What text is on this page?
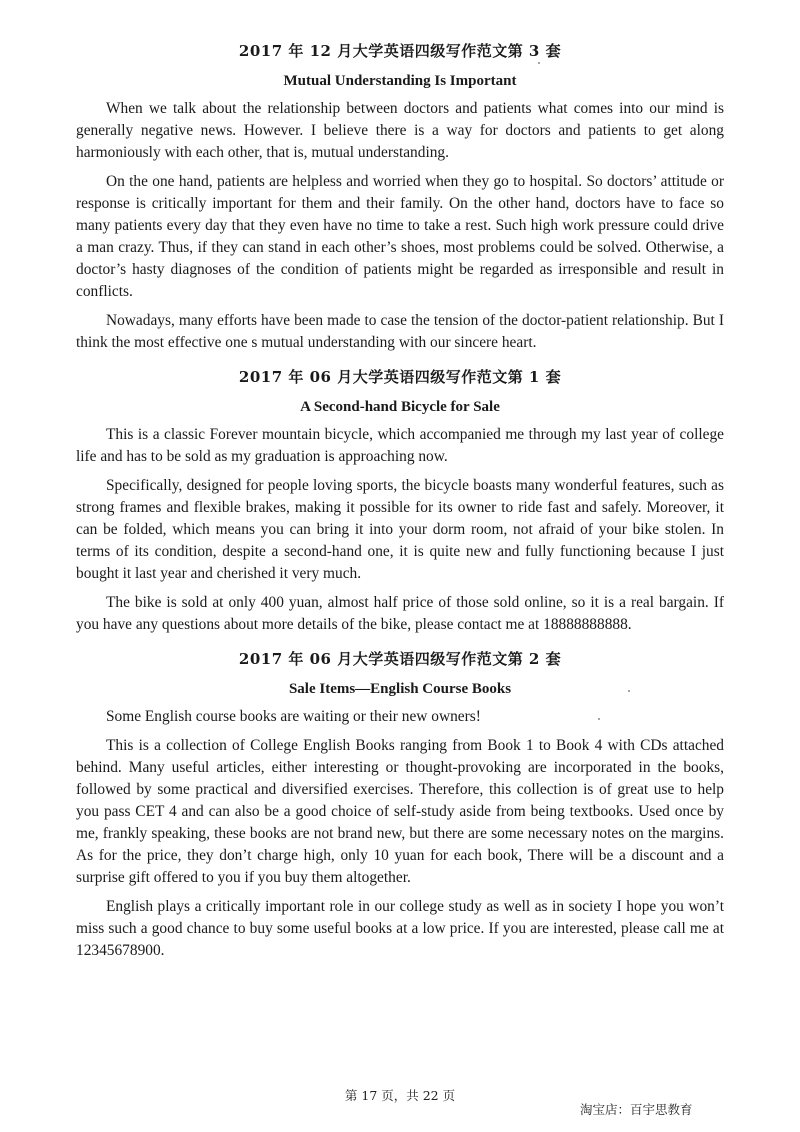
2017 年 12 月大学英语四级写作范文第 3 套
Mutual Understanding Is Important

When we talk about the relationship between doctors and patients what comes into our mind is generally negative news. However. I believe there is a way for doctors and patients to get along harmoniously with each other, that is, mutual understanding.

On the one hand, patients are helpless and worried when they go to hospital. So doctors’ attitude or response is critically important for them and their family. On the other hand, doctors have to face so many patients every day that they even have no time to take a rest. Such high work pressure could drive a man crazy. Thus, if they can stand in each other’s shoes, most problems could be solved. Otherwise, a doctor’s hasty diagnoses of the condition of patients might be regarded as irresponsible and result in conflicts.

Nowadays, many efforts have been made to case the tension of the doctor-patient relationship. But I think the most effective one s mutual understanding with our sincere heart.

2017 年 06 月大学英语四级写作范文第 1 套
A Second-hand Bicycle for Sale

This is a classic Forever mountain bicycle, which accompanied me through my last year of college life and has to be sold as my graduation is approaching now.

Specifically, designed for people loving sports, the bicycle boasts many wonderful features, such as strong frames and flexible brakes, making it possible for its owner to ride fast and safely. Moreover, it can be folded, which means you can bring it into your dorm room, not afraid of your bike stolen. In terms of its condition, despite a second-hand one, it is quite new and fully functioning because I just bought it last year and cherished it very much.

The bike is sold at only 400 yuan, almost half price of those sold online, so it is a real bargain. If you have any questions about more details of the bike, please contact me at 18888888888.

2017 年 06 月大学英语四级写作范文第 2 套
Sale Items—English Course Books

Some English course books are waiting or their new owners!

This is a collection of College English Books ranging from Book 1 to Book 4 with CDs attached behind. Many useful articles, either interesting or thought-provoking are incorporated in the books, followed by some practical and diversified exercises. Therefore, this collection is of great use to help you pass CET 4 and can also be a good choice of self-study aside from being textbooks. Used once by me, frankly speaking, these books are not brand new, but there are some necessary notes on the margins. As for the price, they don’t charge high, only 10 yuan for each book, There will be a discount and a surprise gift offered to you if you buy them altogether.

English plays a critically important role in our college study as well as in society I hope you won’t miss such a good chance to buy some useful books at a low price. If you are interested, please call me at 12345678900.

第 17 页，共 22 页
淘宝店：百宇思教育
